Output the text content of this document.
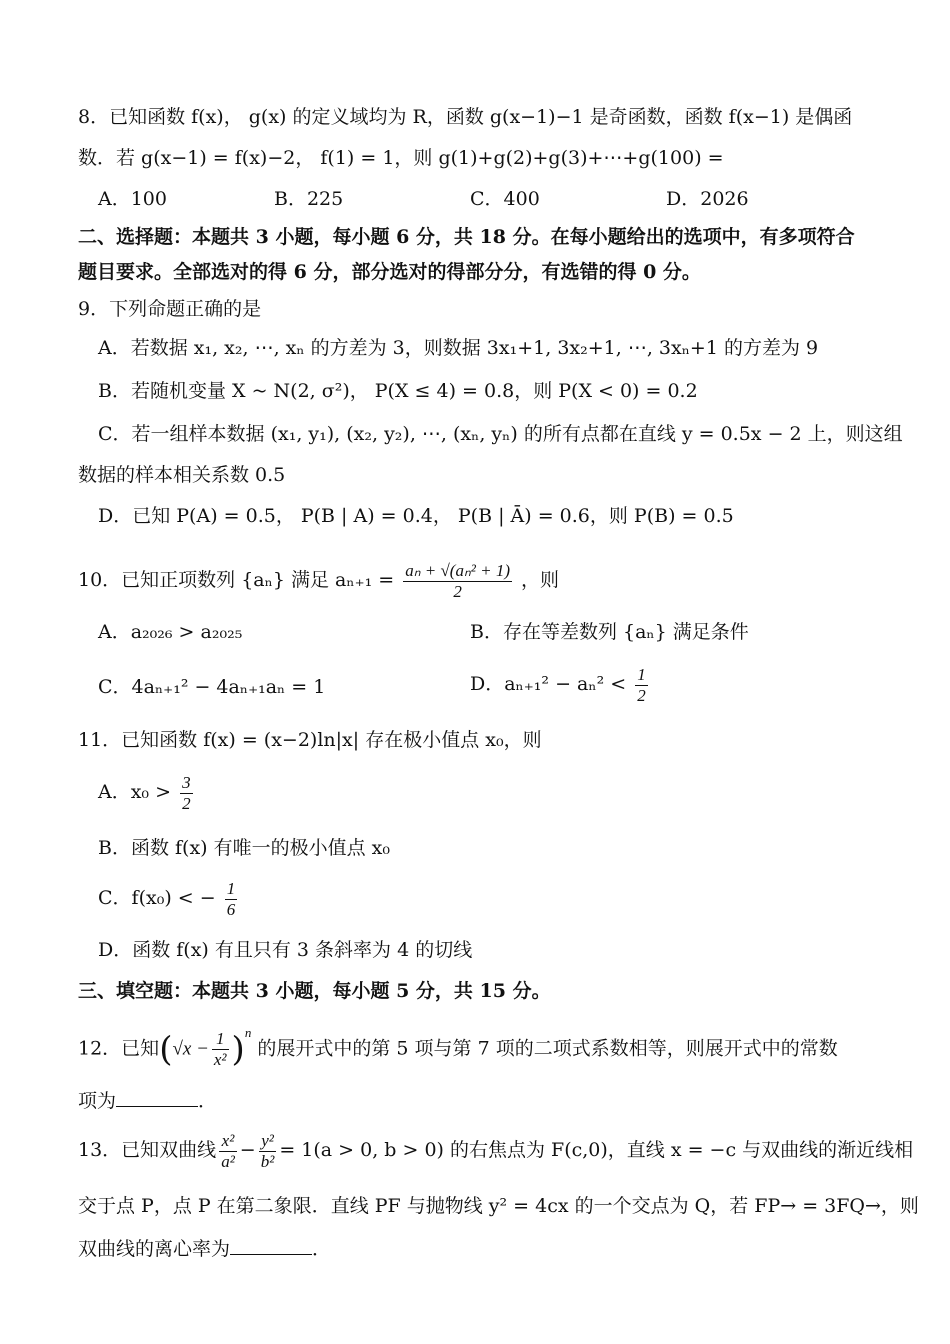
8．已知函数 f(x)， g(x) 的定义域均为 R，函数 g(x−1)−1 是奇函数，函数 f(x−1) 是偶函
数．若 g(x−1) = f(x)−2， f(1) = 1，则 g(1)+g(2)+g(3)+⋯+g(100) =
A．100	B．225	C．400	D．2026
二、选择题：本题共 3 小题，每小题 6 分，共 18 分。在每小题给出的选项中，有多项符合
题目要求。全部选对的得 6 分，部分选对的得部分分，有选错的得 0 分。
9．下列命题正确的是
A．若数据 x₁, x₂, ⋯, xₙ 的方差为 3，则数据 3x₁+1, 3x₂+1, ⋯, 3xₙ+1 的方差为 9
B．若随机变量 X ~ N(2, σ²)， P(X ≤ 4) = 0.8，则 P(X < 0) = 0.2
C．若一组样本数据 (x₁, y₁), (x₂, y₂), ⋯, (xₙ, yₙ) 的所有点都在直线 y = 0.5x − 2 上，则这组
数据的样本相关系数 0.5
D．已知 P(A) = 0.5， P(B | A) = 0.4， P(B | Ā) = 0.6，则 P(B) = 0.5
10．已知正项数列 {aₙ} 满足 $a_{n+1} = \frac{\text{aₙ + √(aₙ² + 1)}}{2}$ ，则
A．a₂₀₂₆ > a₂₀₂₅	B．存在等差数列 {aₙ} 满足条件
C．4aₙ₊₁² − 4aₙ₊₁aₙ = 1	D．$a_{n+1}^2 - a_n^2 < \frac{1}{2}$
11．已知函数 f(x) = (x−2)ln|x| 存在极小值点 x₀，则
A．$x_0 > \frac{3}{2}$
B．函数 f(x) 有唯一的极小值点 x₀
C．f(x₀) < − $\frac{1}{6}$
D．函数 f(x) 有且只有 3 条斜率为 4 的切线
三、填空题：本题共 3 小题，每小题 5 分，共 15 分。
12．已知$(√x - \frac{1}{\text{x²}} )^n$ 的展开式中的第 5 项与第 7 项的二项式系数相等，则展开式中的常数
项为	．
13．已知双曲线 $\frac{\text{x²}}{\text{a²}} - \frac{\text{y²}}{\text{b²}} = 1(a > 0$, b > 0) 的右焦点为 F(c,0)，直线 x = −c 与双曲线的渐近线相
交于点 P，点 P 在第二象限．直线 PF 与抛物线 y² = 4cx 的一个交点为 Q，若 FP→ = 3FQ→，则
双曲线的离心率为	．
